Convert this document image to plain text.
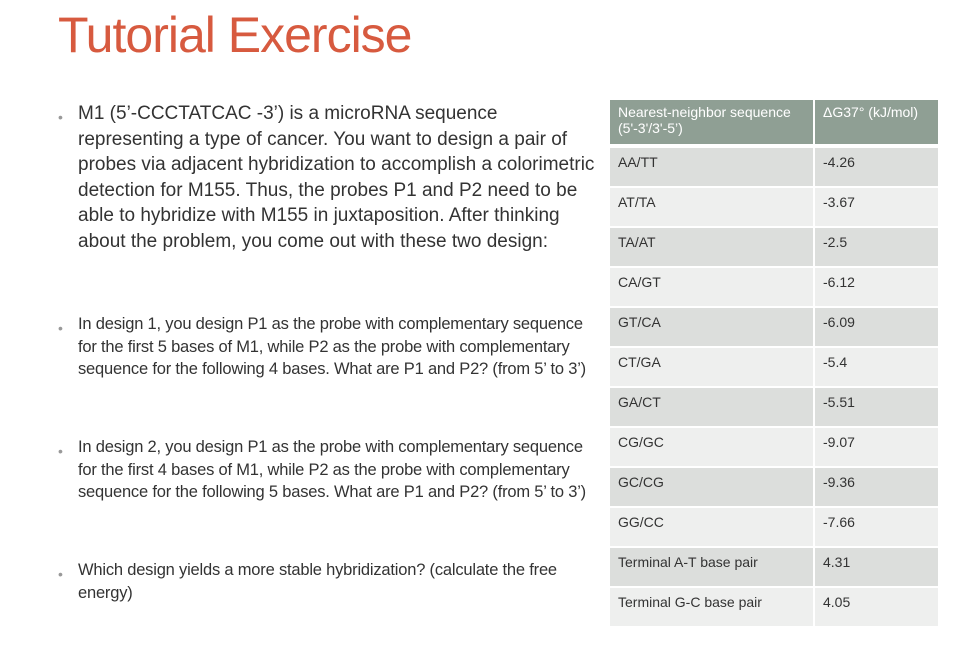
Tutorial Exercise
• M1 (5’-CCCTATCAC -3’) is a microRNA sequence representing a type of cancer. You want to design a pair of probes via adjacent hybridization to accomplish a colorimetric detection for M155. Thus, the probes P1 and P2 need to be able to hybridize with M155 in juxtaposition. After thinking about the problem, you come out with these two design:
• In design 1, you design P1 as the probe with complementary sequence for the first 5 bases of M1, while P2 as the probe with complementary sequence for the following 4 bases. What are P1 and P2? (from 5’ to 3’)
• In design 2, you design P1 as the probe with complementary sequence for the first 4 bases of M1, while P2 as the probe with complementary sequence for the following 5 bases. What are P1 and P2? (from 5’ to 3’)
• Which design yields a more stable hybridization? (calculate the free energy)
Nearest-neighbor sequence (5'-3'/3'-5’)	ΔG37° (kJ/mol)
AA/TT	-4.26
AT/TA	-3.67
TA/AT	-2.5
CA/GT	-6.12
GT/CA	-6.09
CT/GA	-5.4
GA/CT	-5.51
CG/GC	-9.07
GC/CG	-9.36
GG/CC	-7.66
Terminal A-T base pair	4.31
Terminal G-C base pair	4.05
